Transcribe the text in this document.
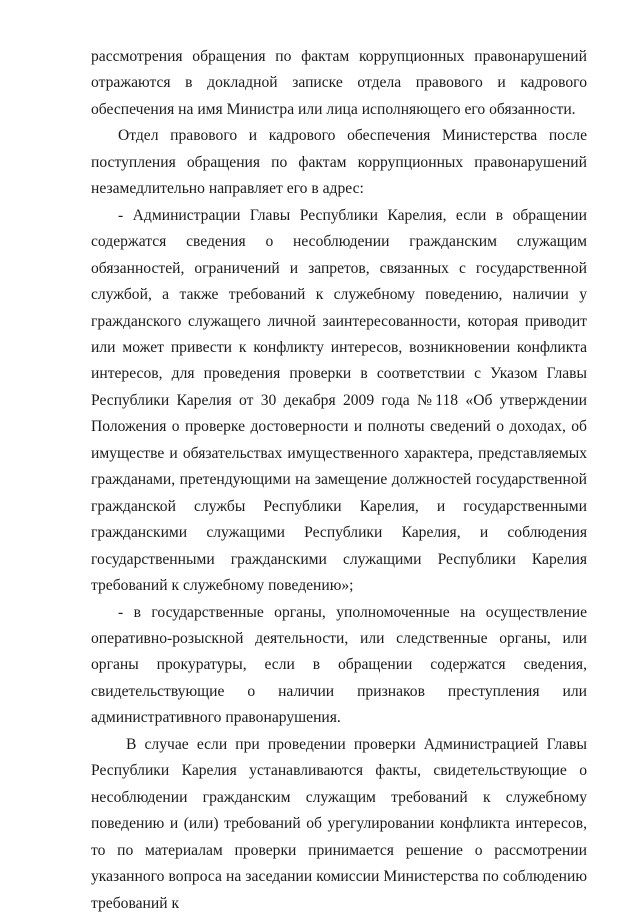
рассмотрения обращения по фактам коррупционных правонарушений отражаются в докладной записке отдела правового и кадрового обеспечения на имя Министра или лица исполняющего его обязанности.

Отдел правового и кадрового обеспечения Министерства после поступления обращения по фактам коррупционных правонарушений незамедлительно направляет его в адрес:

- Администрации Главы Республики Карелия, если в обращении содержатся сведения о несоблюдении гражданским служащим обязанностей, ограничений и запретов, связанных с государственной службой, а также требований к служебному поведению, наличии у гражданского служащего личной заинтересованности, которая приводит или может привести к конфликту интересов, возникновении конфликта интересов, для проведения проверки в соответствии с Указом Главы Республики Карелия от 30 декабря 2009 года №118 «Об утверждении Положения о проверке достоверности и полноты сведений о доходах, об имуществе и обязательствах имущественного характера, представляемых гражданами, претендующими на замещение должностей государственной гражданской службы Республики Карелия, и государственными гражданскими служащими Республики Карелия, и соблюдения государственными гражданскими служащими Республики Карелия требований к служебному поведению»;

- в государственные органы, уполномоченные на осуществление оперативно-розыскной деятельности, или следственные органы, или органы прокуратуры, если в обращении содержатся сведения, свидетельствующие о наличии признаков преступления или административного правонарушения.

В случае если при проведении проверки Администрацией Главы Республики Карелия устанавливаются факты, свидетельствующие о несоблюдении гражданским служащим требований к служебному поведению и (или) требований об урегулировании конфликта интересов, то по материалам проверки принимается решение о рассмотрении указанного вопроса на заседании комиссии Министерства по соблюдению требований к
